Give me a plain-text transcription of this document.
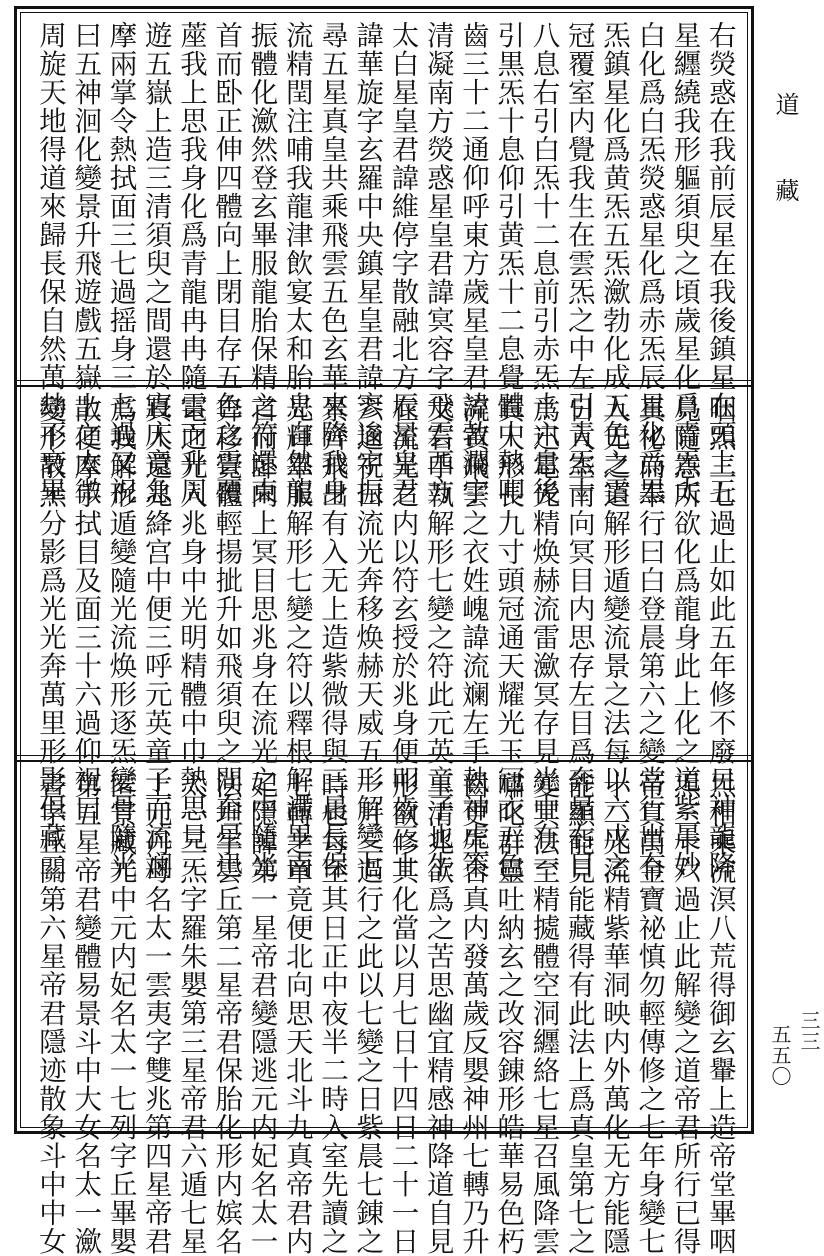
右熒惑在我前辰星在我後鎮星在頭上五
星纒繞我形軀須臾之頃歲星化爲青炁太
白化爲白炁熒惑星化爲赤炁辰星化爲黒
炁鎮星化爲黄炁五炁㶑勃化成五色之雲
冠覆室内覺我生在雲炁之中左引青炁十
八息右引白炁十二息前引赤炁十六息後
引黒炁十息仰引黄炁十二息覺體中熱叩
齒三十二通仰呼東方歲星皇君諱㪍瀾字
清凝南方熒惑星皇君諱㝠容字飛雲西方
太白星皇君諱維停字散融北方辰星皇君
諱華旋字玄羅中央鎮星皇君諱寥逡字振
尋五星真皇共乘飛雲五色玄華來降我身
流精閏注哺我龍津飲宴太和胎息自然龍
振體化㶑然登玄畢服龍胎保精之符還東
首而卧正伸四體向上閉目存五色之雲覆
蓙我上思我身化爲青龍冉冉隨雲而升周
遊五嶽上造三清須臾之間還於寢床竟急
摩兩掌令熱拭面三七過摇身三七過又祝
曰五神洄化變景升飛遊戲五嶽上之太微
周旋天地得道來歸長保自然萬劫不衰畢
咽炁三七過止如此五年修不廢日神龍降
見隨意所欲化爲龍身此上化之道紫晨妙
真祕而奉行曰白登晨第六之變當行出有
入无之道解形遁變流景之法每以六戊之
日入室南向冥目内思存左目爲奔星右目
爲迅電光精焕赫流雷㶑冥存見光中有一
真人形長九寸頭冠通天耀光玉冠衣五色
流黄飛雲之衣姓㟴諱流斓左手執神虎策
文右手執解形七變之符此元英童子也生
在流光之内以符玄授於兆身便叩齒三十
六通祝曰流光奔移焕赫天威五形解變七
景齊飛出有入无上造紫微得與三晨長保
光輝畢服解形七變之符以釋根解滯畢南
首而卧向上冥目思兆身在流光之中隨光
奔移覺體輕揚㧗升如飛須臾之間奔星迅
電之光入兆身中光明精體中巾熱思見
真人還兆絳宫中便三呼元英童子而流斓
爲我解形遁變隨光流焕形逐炁變骨隨光
散便摩手拭目及面三十六過仰祝曰
變形散炁分影爲光光奔萬里形影俱藏二
炁相乘流溟八荒得御玄轝上造帝堂畢咽
炁三十六過止此解變之道帝君所行已得
帝真萬金寶祕慎勿輕傳修之七年身變七
十二光流精紫華洞映内外萬化无方能隱
能顯能見能藏得有此法上爲真皇第七之
變其法至精㨿體空洞纒絡七星召風降雲
嘯叱群靈吐納玄之改容錬形皓華易色朽
齒更生合真内發萬歲反嬰神州七轉乃升
玉清兆欲爲之苦思幽宜精感神降道自見
形欲修其化當以月七日十四日二十一日
一月三過行之此以七變之日紫晨七錬之
時也每至其日正中夜半二時入室先讀之
七轉之章竟便北向思天北斗九真帝君内
妃隱諱第一星帝君變隱逃元内妃名太一
法坦字雲丘第二星帝君保胎化形内嫔名
太一三炁字羅朱嬰第三星帝君六遁七星
上元丹母名太一雲夷字雙兆第四星帝君
匿景藏光中元内妃名太一七列字丘畢嬰
第五星帝君變體易景斗中大女名太一㶑
晝字丘關第六星帝君隱迹散象斗中中女
道
藏
三三
五五〇
